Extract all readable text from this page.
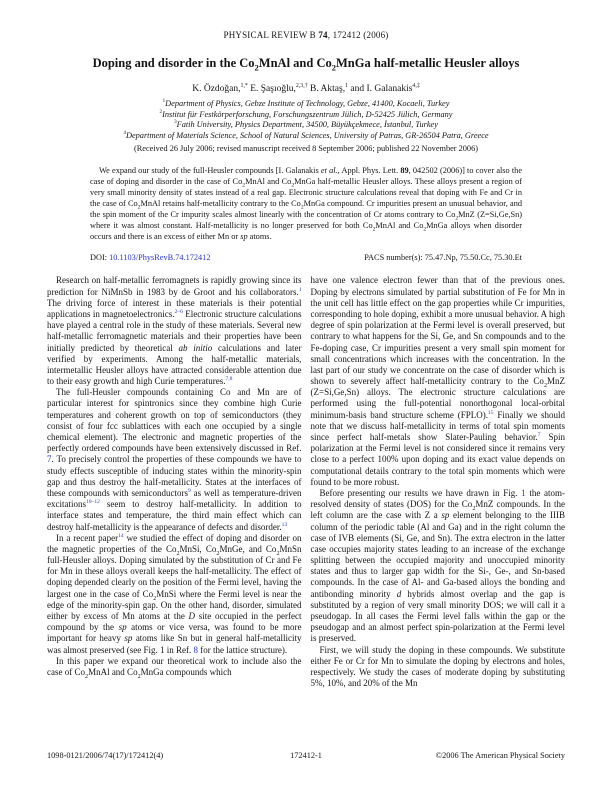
PHYSICAL REVIEW B 74, 172412 (2006)
Doping and disorder in the $Co_2MnAl$ and $Co_2MnGa$ half-metallic Heusler alloys
K. Özdoğan,$^{1,*}$ E. Şaşıoğlu,$^{2,3,\dagger}$ B. Aktaş,$^1$ and I. Galanakis$^{4,\ddagger}$
$^1$Department of Physics, Gebze Institute of Technology, Gebze, 41400, Kocaeli, Turkey
$^2$Institut für Festkörperforschung, Forschungszentrum Jülich, D-52425 Jülich, Germany
$^3$Fatih University, Physics Department, 34500, Büyükçekmece, İstanbul, Turkey
$^4$Department of Materials Science, School of Natural Sciences, University of Patras, GR-26504 Patra, Greece
(Received 26 July 2006; revised manuscript received 8 September 2006; published 22 November 2006)
We expand our study of the full-Heusler compounds [I. Galanakis et al., Appl. Phys. Lett. 89, 042502 (2006)] to cover also the case of doping and disorder in the case of $Co_2MnAl$ and $Co_2MnGa$ half-metallic Heusler alloys. These alloys present a region of very small minority density of states instead of a real gap. Electronic structure calculations reveal that doping with Fe and Cr in the case of $Co_2MnAl$ retains half-metallicity contrary to the $Co_2MnGa$ compound. Cr impurities present an unusual behavior, and the spin moment of the Cr impurity scales almost linearly with the concentration of Cr atoms contrary to $Co_2MnZ$ (Z=Si,Ge,Sn) where it was almost constant. Half-metallicity is no longer preserved for both $Co_2MnAl$ and $Co_2MnGa$ alloys when disorder occurs and there is an excess of either Mn or sp atoms.
DOI: 10.1103/PhysRevB.74.172412	PACS number(s): 75.47.Np, 75.50.Cc, 75.30.Et

Research on half-metallic ferromagnets is rapidly growing since its prediction for NiMnSb in 1983 by de Groot and his collaborators.$^1$ The driving force of interest in these materials is their potential applications in magnetoelectronics.$^{2-6}$ Electronic structure calculations have played a central role in the study of these materials. Several new half-metallic ferromagnetic materials and their properties have been initially predicted by theoretical ab initio calculations and later verified by experiments. Among the half-metallic materials, intermetallic Heusler alloys have attracted considerable attention due to their easy growth and high Curie temperatures.$^{7,8}$

The full-Heusler compounds containing Co and Mn are of particular interest for spintronics since they combine high Curie temperatures and coherent growth on top of semiconductors (they consist of four fcc sublattices with each one occupied by a single chemical element). The electronic and magnetic properties of the perfectly ordered compounds have been extensively discussed in Ref. 7. To precisely control the properties of these compounds we have to study effects susceptible of inducing states within the minority-spin gap and thus destroy the half-metallicity. States at the interfaces of these compounds with semiconductors$^9$ as well as temperature-driven excitations$^{10-12}$ seem to destroy half-metallicity. In addition to interface states and temperature, the third main effect which can destroy half-metallicity is the appearance of defects and disorder.$^{13}$

In a recent paper$^{14}$ we studied the effect of doping and disorder on the magnetic properties of the $Co_2MnSi$, $Co_2MnGe$, and $Co_2MnSn$ full-Heusler alloys. Doping simulated by the substitution of Cr and Fe for Mn in these alloys overall keeps the half-metallicity. The effect of doping depended clearly on the position of the Fermi level, having the largest one in the case of $Co_2MnSi$ where the Fermi level is near the edge of the minority-spin gap. On the other hand, disorder, simulated either by excess of Mn atoms at the D site occupied in the perfect compound by the sp atoms or vice versa, was found to be more important for heavy sp atoms like Sn but in general half-metallicity was almost preserved (see Fig. 1 in Ref. 8 for the lattice structure).

In this paper we expand our theoretical work to include also the case of $Co_2MnAl$ and $Co_2MnGa$ compounds which

have one valence electron fewer than that of the previous ones. Doping by electrons simulated by partial substitution of Fe for Mn in the unit cell has little effect on the gap properties while Cr impurities, corresponding to hole doping, exhibit a more unusual behavior. A high degree of spin polarization at the Fermi level is overall preserved, but contrary to what happens for the Si, Ge, and Sn compounds and to the Fe-doping case, Cr impurities present a very small spin moment for small concentrations which increases with the concentration. In the last part of our study we concentrate on the case of disorder which is shown to severely affect half-metallicity contrary to the $Co_2MnZ$ (Z=Si,Ge,Sn) alloys. The electronic structure calculations are performed using the full-potential nonorthogonal local-orbital minimum-basis band structure scheme (FPLO).$^{15}$ Finally we should note that we discuss half-metallicity in terms of total spin moments since perfect half-metals show Slater-Pauling behavior.$^7$ Spin polarization at the Fermi level is not considered since it remains very close to a perfect 100% upon doping and its exact value depends on computational details contrary to the total spin moments which were found to be more robust.

Before presenting our results we have drawn in Fig. 1 the atom-resolved density of states (DOS) for the $Co_2MnZ$ compounds. In the left column are the case with Z a sp element belonging to the IIIB column of the periodic table (Al and Ga) and in the right column the case of IVB elements (Si, Ge, and Sn). The extra electron in the latter case occupies majority states leading to an increase of the exchange splitting between the occupied majority and unoccupied minority states and thus to larger gap width for the Si-, Ge-, and Sn-based compounds. In the case of Al- and Ga-based alloys the bonding and antibonding minority d hybrids almost overlap and the gap is substituted by a region of very small minority DOS; we will call it a pseudogap. In all cases the Fermi level falls within the gap or the pseudogap and an almost perfect spin-polarization at the Fermi level is preserved.

First, we will study the doping in these compounds. We substitute either Fe or Cr for Mn to simulate the doping by electrons and holes, respectively. We study the cases of moderate doping by substituting 5%, 10%, and 20% of the Mn

1098-0121/2006/74(17)/172412(4)	172412-1	©2006 The American Physical Society
